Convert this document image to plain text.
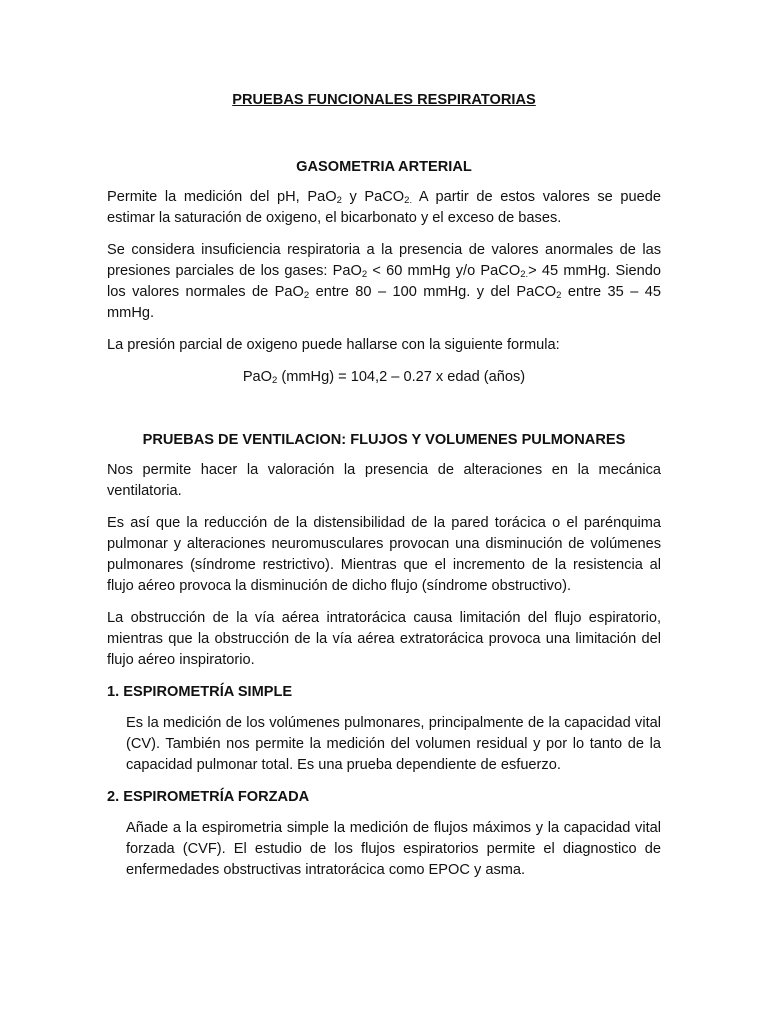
PRUEBAS FUNCIONALES RESPIRATORIAS
GASOMETRIA ARTERIAL

Permite la medición del pH, PaO$_2$ y PaCO$_{2.}$ A partir de estos valores se puede estimar la saturación de oxigeno, el bicarbonato y el exceso de bases.

Se considera insuficiencia respiratoria a la presencia de valores anormales de las presiones parciales de los gases: PaO$_2$ < 60 mmHg y/o PaCO$_{2.}$> 45 mmHg. Siendo los valores normales de PaO$_2$ entre 80 – 100 mmHg. y del PaCO$_2$ entre 35 – 45 mmHg.

La presión parcial de oxigeno puede hallarse con la siguiente formula:

PaO$_2$ (mmHg) = 104,2 – 0.27 x edad (años)

PRUEBAS DE VENTILACION: FLUJOS Y VOLUMENES PULMONARES

Nos permite hacer la valoración la presencia de alteraciones en la mecánica ventilatoria.

Es así que la reducción de la distensibilidad de la pared torácica o el parénquima pulmonar y alteraciones neuromusculares provocan una disminución de volúmenes pulmonares (síndrome restrictivo). Mientras que el incremento de la resistencia al flujo aéreo provoca la disminución de dicho flujo (síndrome obstructivo).

La obstrucción de la vía aérea intratorácica causa limitación del flujo espiratorio, mientras que la obstrucción de la vía aérea extratorácica provoca una limitación del flujo aéreo inspiratorio.

1. ESPIROMETRÍA SIMPLE

Es la medición de los volúmenes pulmonares, principalmente de la capacidad vital (CV). También nos permite la medición del volumen residual y por lo tanto de la capacidad pulmonar total. Es una prueba dependiente de esfuerzo.

2. ESPIROMETRÍA FORZADA

Añade a la espirometria simple la medición de flujos máximos y la capacidad vital forzada (CVF). El estudio de los flujos espiratorios permite el diagnostico de enfermedades obstructivas intratorácica como EPOC y asma.
